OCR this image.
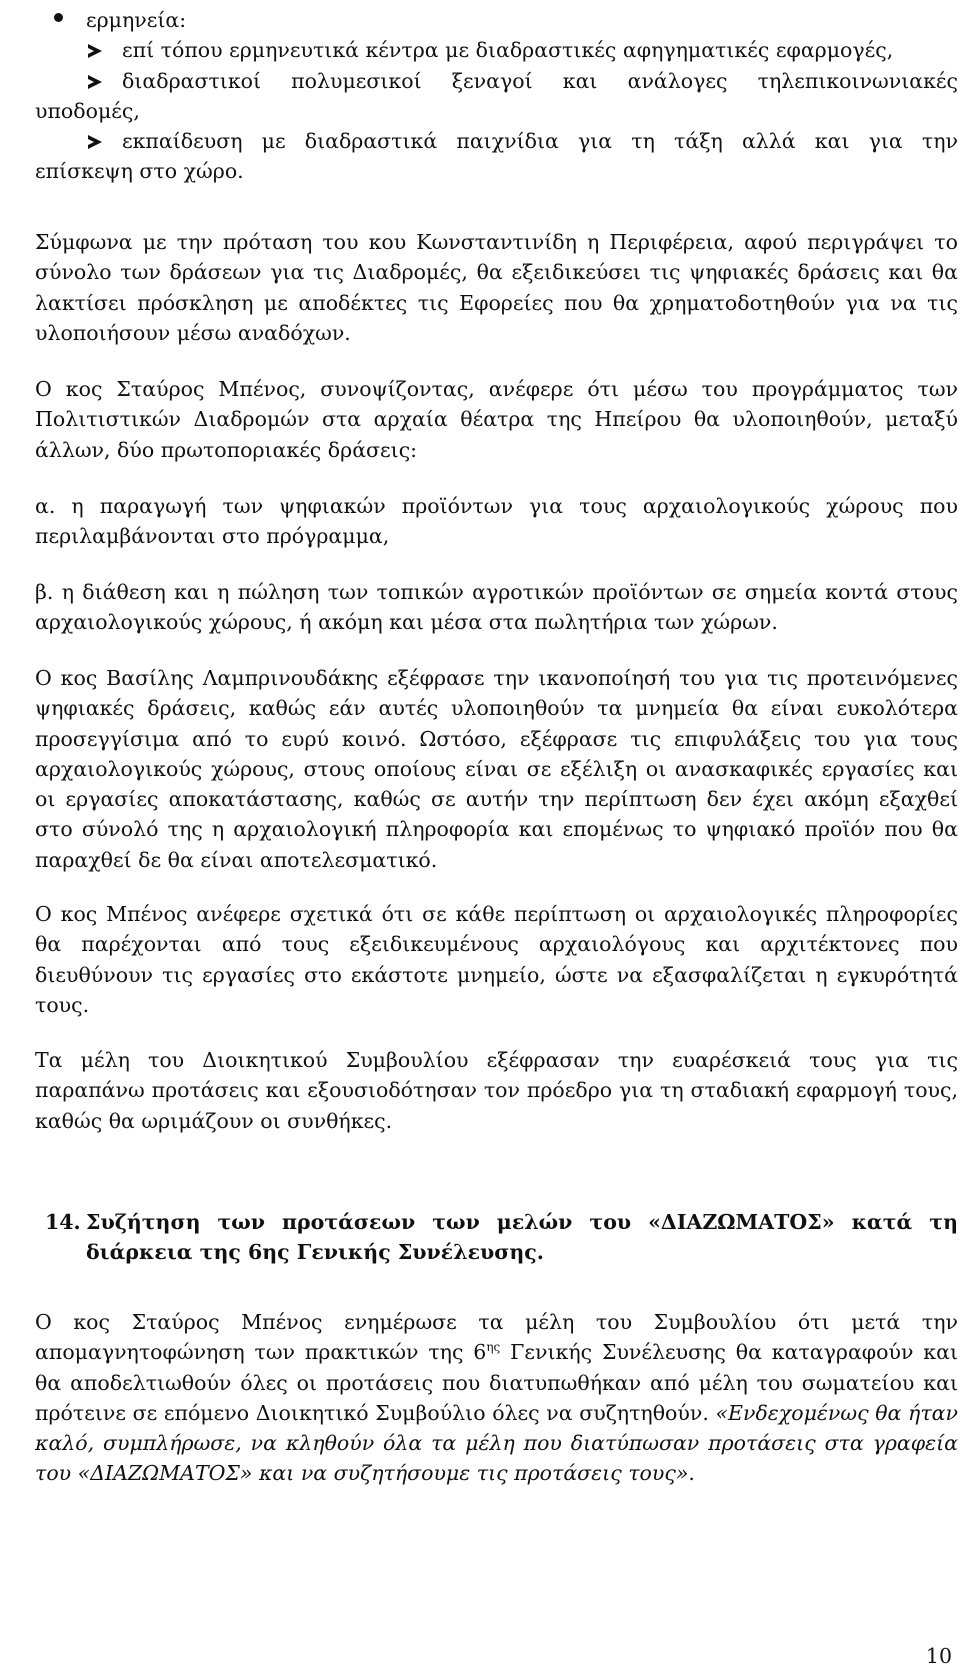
ερμηνεία:
επί τόπου ερμηνευτικά κέντρα με διαδραστικές αφηγηματικές εφαρμογές,
διαδραστικοί πολυμεσικοί ξεναγοί και ανάλογες τηλεπικοινωνιακές
υποδομές,
εκπαίδευση με διαδραστικά παιχνίδια για τη τάξη αλλά και για την
επίσκεψη στο χώρο.

Σύμφωνα με την πρόταση του κου Κωνσταντινίδη η Περιφέρεια, αφού περιγράψει το σύνολο των δράσεων για τις Διαδρομές, θα εξειδικεύσει τις ψηφιακές δράσεις και θα λακτίσει πρόσκληση με αποδέκτες τις Εφορείες που θα χρηματοδοτηθούν για να τις υλοποιήσουν μέσω αναδόχων.

Ο κος Σταύρος Μπένος, συνοψίζοντας, ανέφερε ότι μέσω του προγράμματος των Πολιτιστικών Διαδρομών στα αρχαία θέατρα της Ηπείρου θα υλοποιηθούν, μεταξύ άλλων, δύο πρωτοποριακές δράσεις:

α. η παραγωγή των ψηφιακών προϊόντων για τους αρχαιολογικούς χώρους που περιλαμβάνονται στο πρόγραμμα,

β. η διάθεση και η πώληση των τοπικών αγροτικών προϊόντων σε σημεία κοντά στους αρχαιολογικούς χώρους, ή ακόμη και μέσα στα πωλητήρια των χώρων.

Ο κος Βασίλης Λαμπρινουδάκης εξέφρασε την ικανοποίησή του για τις προτεινόμενες ψηφιακές δράσεις, καθώς εάν αυτές υλοποιηθούν τα μνημεία θα είναι ευκολότερα προσεγγίσιμα από το ευρύ κοινό. Ωστόσο, εξέφρασε τις επιφυλάξεις του για τους αρχαιολογικούς χώρους, στους οποίους είναι σε εξέλιξη οι ανασκαφικές εργασίες και οι εργασίες αποκατάστασης, καθώς σε αυτήν την περίπτωση δεν έχει ακόμη εξαχθεί στο σύνολό της η αρχαιολογική πληροφορία και επομένως το ψηφιακό προϊόν που θα παραχθεί δε θα είναι αποτελεσματικό.

Ο κος Μπένος ανέφερε σχετικά ότι σε κάθε περίπτωση οι αρχαιολογικές πληροφορίες θα παρέχονται από τους εξειδικευμένους αρχαιολόγους και αρχιτέκτονες που διευθύνουν τις εργασίες στο εκάστοτε μνημείο, ώστε να εξασφαλίζεται η εγκυρότητά τους.

Τα μέλη του Διοικητικού Συμβουλίου εξέφρασαν την ευαρέσκειά τους για τις παραπάνω προτάσεις και εξουσιοδότησαν τον πρόεδρο για τη σταδιακή εφαρμογή τους, καθώς θα ωριμάζουν οι συνθήκες.

14. Συζήτηση των προτάσεων των μελών του «ΔΙΑΖΩΜΑΤΟΣ» κατά τη
διάρκεια της 6ης Γενικής Συνέλευσης.

Ο κος Σταύρος Μπένος ενημέρωσε τα μέλη του Συμβουλίου ότι μετά την απομαγνητοφώνηση των πρακτικών της $6^{\eta\varsigma}$ Γενικής Συνέλευσης θα καταγραφούν και θα αποδελτιωθούν όλες οι προτάσεις που διατυπωθήκαν από μέλη του σωματείου και πρότεινε σε επόμενο Διοικητικό Συμβούλιο όλες να συζητηθούν. «Ενδεχομένως θα ήταν καλό, συμπλήρωσε, να κληθούν όλα τα μέλη που διατύπωσαν προτάσεις στα γραφεία του «ΔΙΑΖΩΜΑΤΟΣ» και να συζητήσουμε τις προτάσεις τους».

10
